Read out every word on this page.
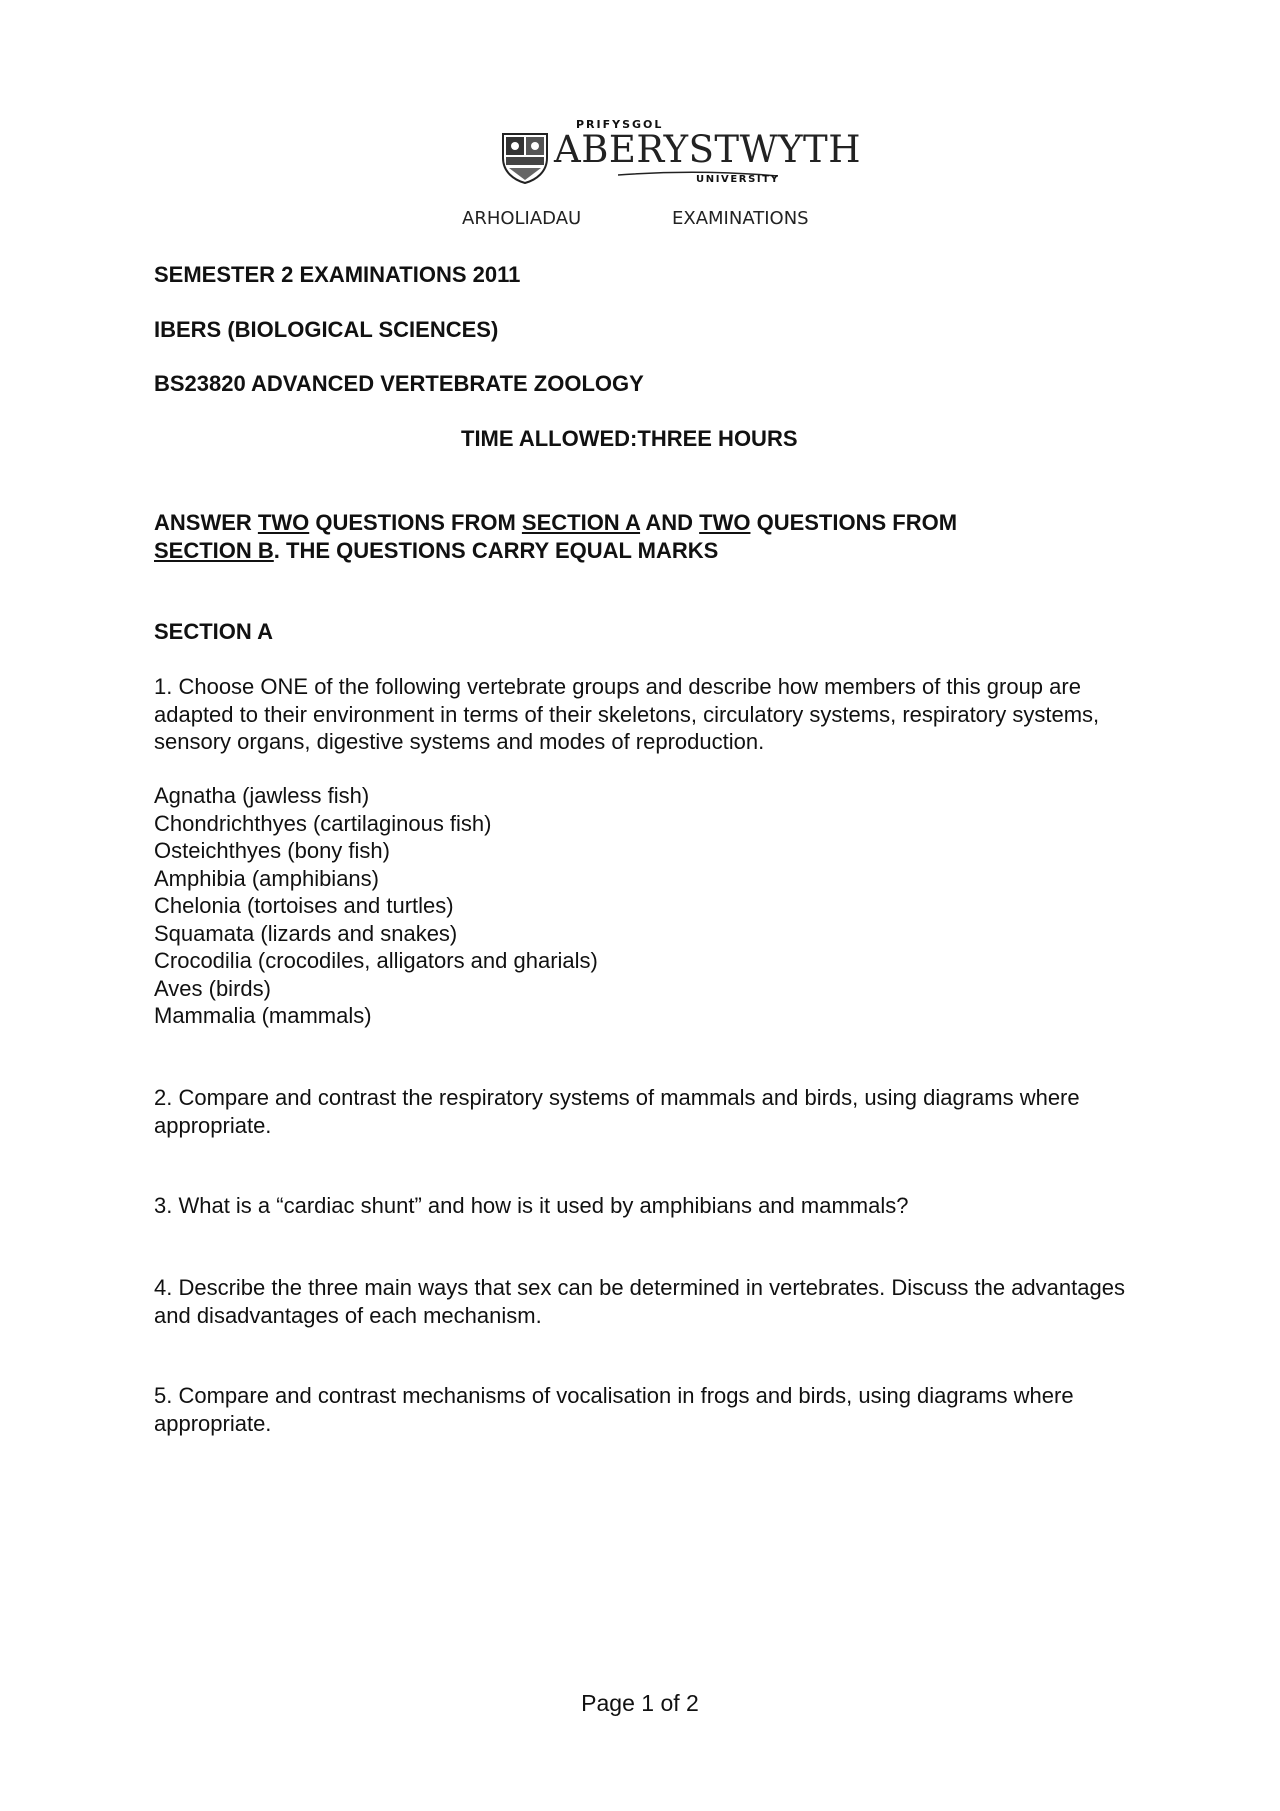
PRIFYSGOL
ABERYSTWYTH
UNIVERSITY
ARHOLIADAU	EXAMINATIONS
SEMESTER 2 EXAMINATIONS 2011
IBERS (BIOLOGICAL SCIENCES)
BS23820 ADVANCED VERTEBRATE ZOOLOGY
TIME ALLOWED:THREE HOURS
ANSWER TWO QUESTIONS FROM SECTION A AND TWO QUESTIONS FROM
SECTION B. THE QUESTIONS CARRY EQUAL MARKS
SECTION A
1. Choose ONE of the following vertebrate groups and describe how members of this group are adapted to their environment in terms of their skeletons, circulatory systems, respiratory systems, sensory organs, digestive systems and modes of reproduction.
Agnatha (jawless fish)
Chondrichthyes (cartilaginous fish)
Osteichthyes (bony fish)
Amphibia (amphibians)
Chelonia (tortoises and turtles)
Squamata (lizards and snakes)
Crocodilia (crocodiles, alligators and gharials)
Aves (birds)
Mammalia (mammals)
2. Compare and contrast the respiratory systems of mammals and birds, using diagrams where appropriate.
3. What is a “cardiac shunt” and how is it used by amphibians and mammals?
4. Describe the three main ways that sex can be determined in vertebrates. Discuss the advantages and disadvantages of each mechanism.
5. Compare and contrast mechanisms of vocalisation in frogs and birds, using diagrams where appropriate.
Page 1 of 2
